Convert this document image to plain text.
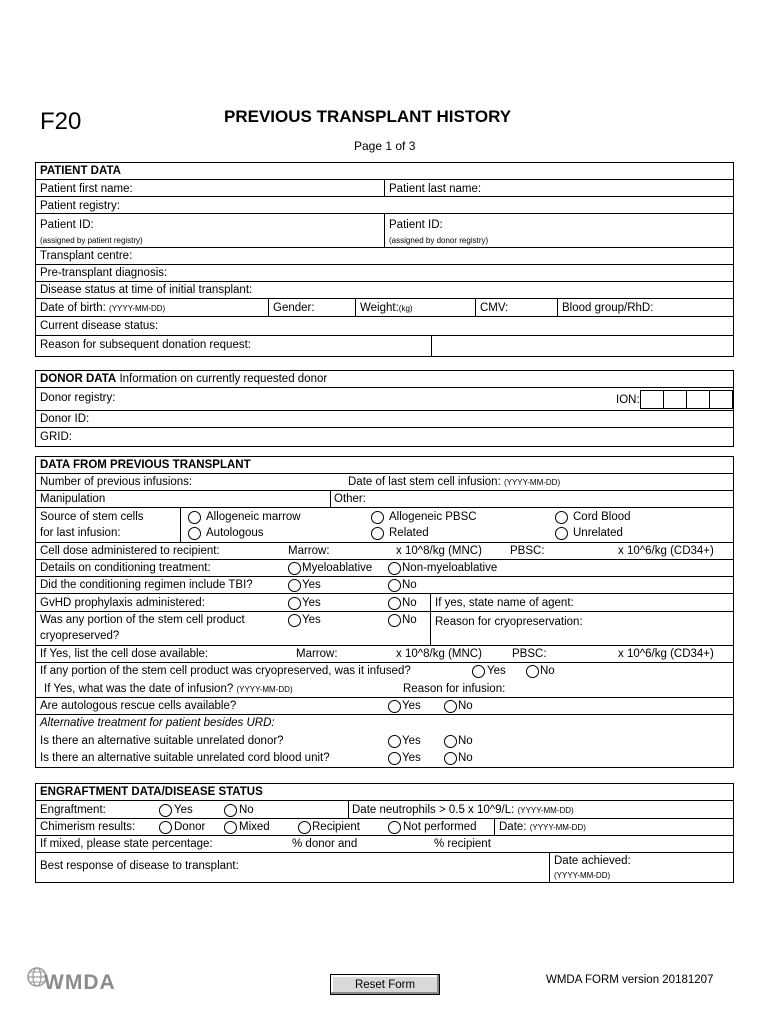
F20	PREVIOUS TRANSPLANT HISTORY
Page 1 of 3
PATIENT DATA
Patient first name:	Patient last name:
Patient registry:
Patient ID:
(assigned by patient registry)
Patient ID:
(assigned by donor registry)
Transplant centre:
Pre-transplant diagnosis:
Disease status at time of initial transplant:
Date of birth: (YYYY-MM-DD)	Gender:	Weight:(kg)	CMV:	Blood group/RhD:
Current disease status:
Reason for subsequent donation request:
DONOR DATA Information on currently requested donor
Donor registry:	ION:
Donor ID:
GRID:
DATA FROM PREVIOUS TRANSPLANT
Number of previous infusions:	Date of last stem cell infusion: (YYYY-MM-DD)
Manipulation	Other:
Source of stem cells
for last infusion:
Allogeneic marrow	Allogeneic PBSC	Cord Blood
Autologous	Related	Unrelated
Cell dose administered to recipient:	Marrow:	x 10^8/kg (MNC) PBSC:	x 10^6/kg (CD34+)
Details on conditioning treatment:	Myeloablative	Non-myeloablative
Did the conditioning regimen include TBI?	Yes	No
GvHD prophylaxis administered:	Yes	No If yes, state name of agent:
Was any portion of the stem cell product
cryopreserved?
Yes	No Reason for cryopreservation:
If Yes, list the cell dose available:	Marrow:	x 10^8/kg (MNC)	PBSC:	x 10^6/kg (CD34+)
If any portion of the stem cell product was cryopreserved, was it infused?	Yes	No
If Yes, what was the date of infusion? (YYYY-MM-DD)	Reason for infusion:
Are autologous rescue cells available?	Yes	No
Alternative treatment for patient besides URD:
Is there an alternative suitable unrelated donor?	Yes	No
Is there an alternative suitable unrelated cord blood unit?	Yes	No
ENGRAFTMENT DATA/DISEASE STATUS
Engraftment:	Yes	No	Date neutrophils > 0.5 x 10^9/L: (YYYY-MM-DD)
Chimerism results:	Donor	Mixed	Recipient	Not performed Date: (YYYY-MM-DD)
If mixed, please state percentage:	% donor and	% recipient
Best response of disease to transplant:	Date achieved:
(YYYY-MM-DD)
WMDA	Reset Form	WMDA FORM version 20181207
